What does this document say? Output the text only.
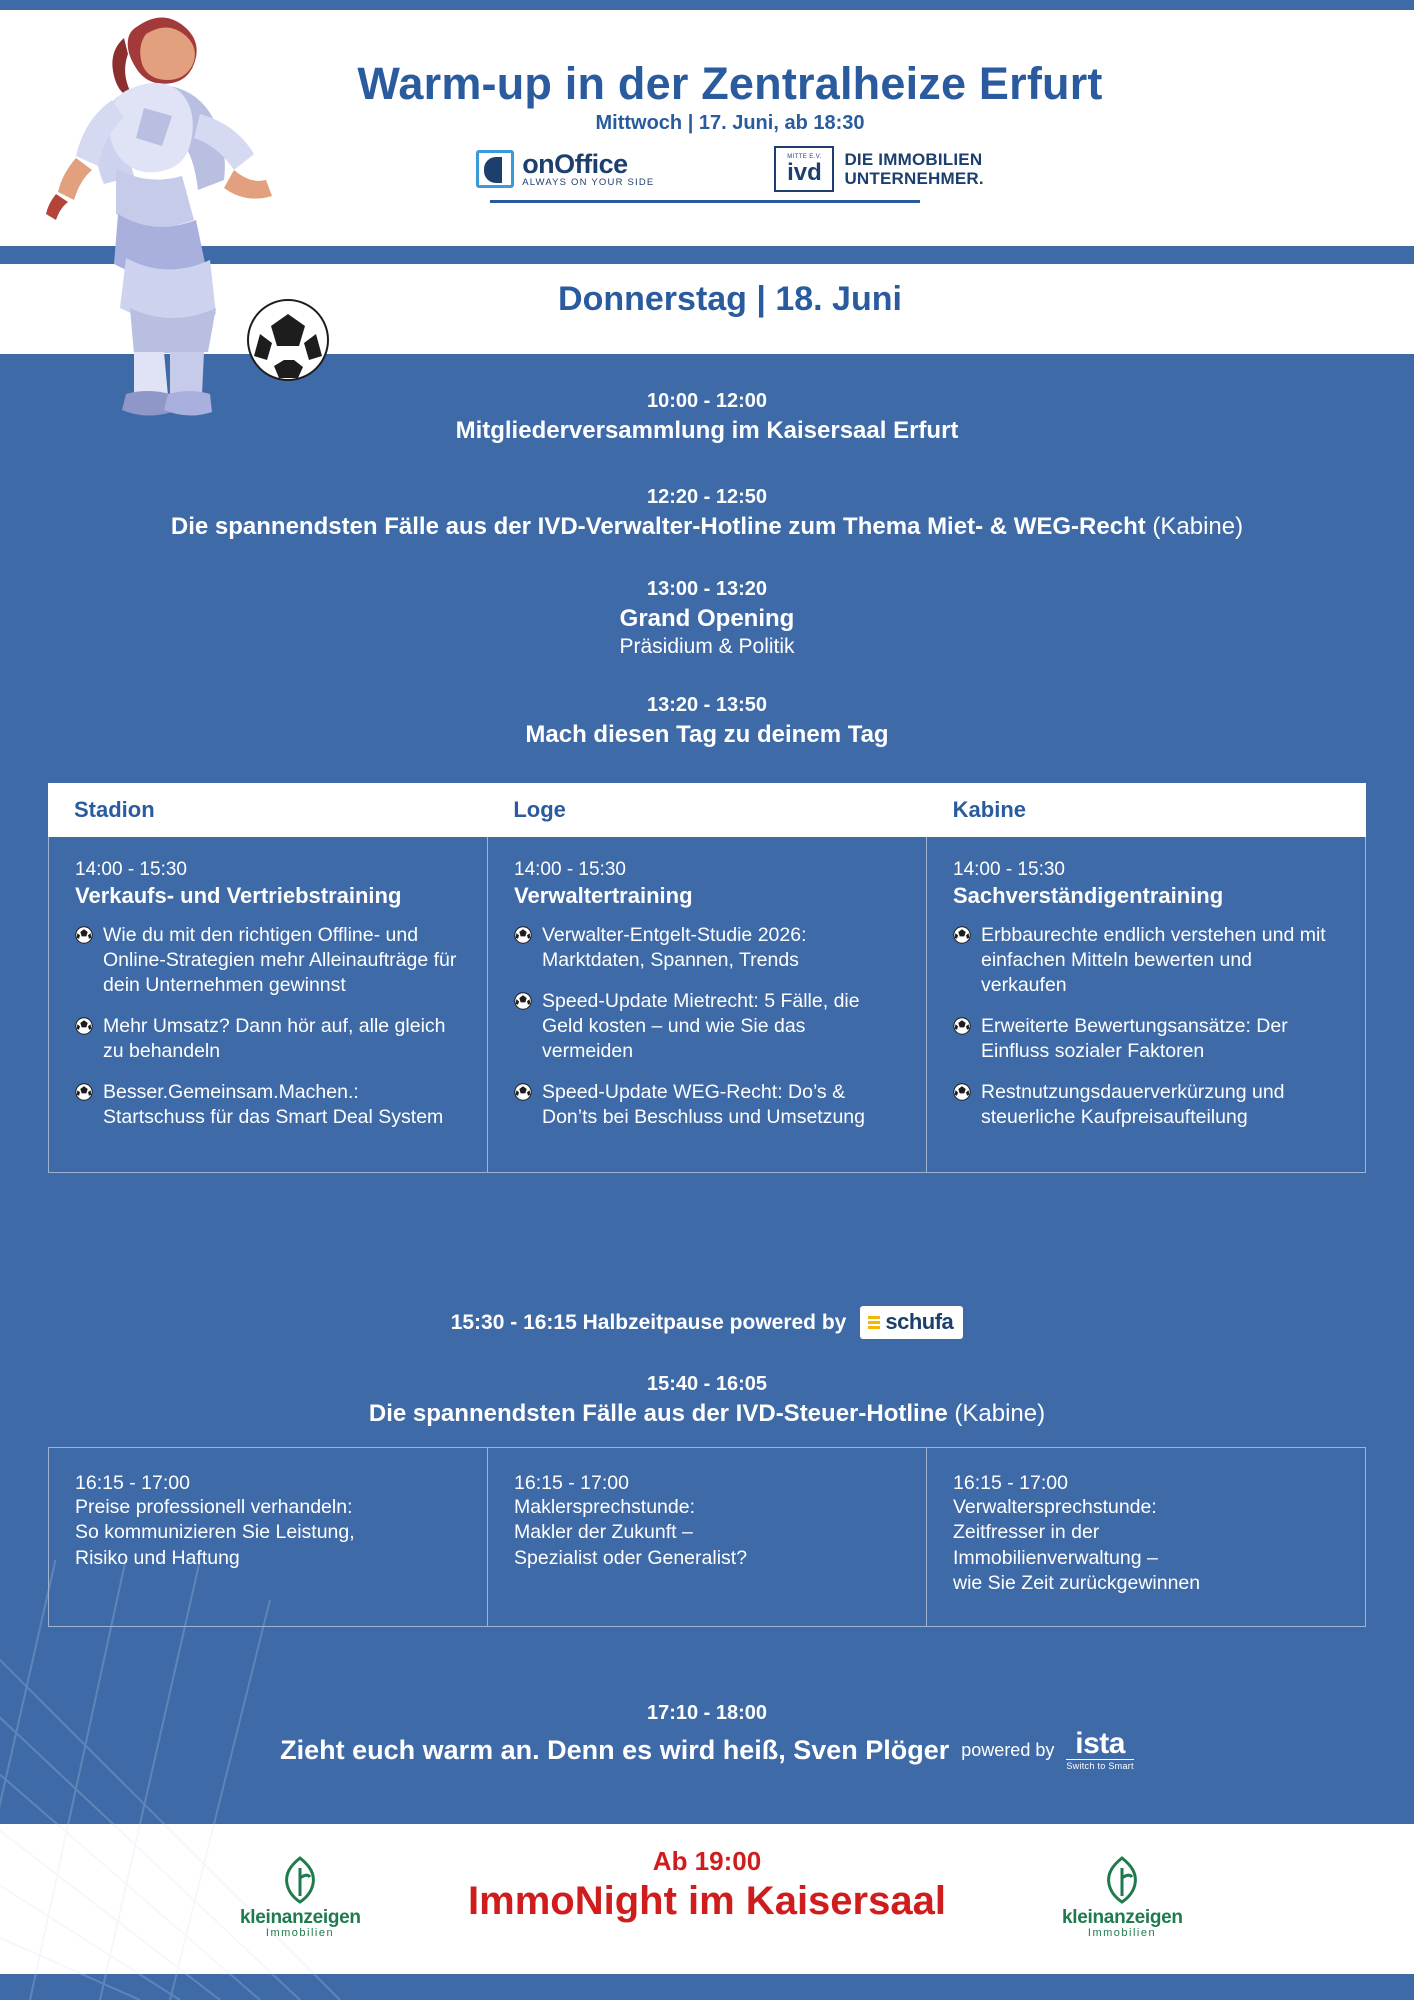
Warm-up in der Zentralheize Erfurt
Mittwoch | 17. Juni, ab 18:30
onOffice
ALWAYS ON YOUR SIDE
MITTE E.V.
ivd DIE IMMOBILIEN
UNTERNEHMER.
Donnerstag | 18. Juni
10:00 - 12:00
Mitgliederversammlung im Kaisersaal Erfurt
12:20 - 12:50
Die spannendsten Fälle aus der IVD-Verwalter-Hotline zum Thema Miet- & WEG-Recht (Kabine)
13:00 - 13:20
Grand Opening
Präsidium & Politik
13:20 - 13:50
Mach diesen Tag zu deinem Tag
Stadion	Loge	Kabine
14:00 - 15:30
Verkaufs- und Vertriebstraining
Wie du mit den richtigen Offline- und Online-Strategien mehr Alleinaufträge für dein Unternehmen gewinnst
Mehr Umsatz? Dann hör auf, alle gleich zu behandeln
Besser.Gemeinsam.Machen.: Startschuss für das Smart Deal System
14:00 - 15:30
Verwaltertraining
Verwalter-Entgelt-Studie 2026: Marktdaten, Spannen, Trends
Speed-Update Mietrecht: 5 Fälle, die Geld kosten – und wie Sie das vermeiden
Speed-Update WEG-Recht: Do’s & Don’ts bei Beschluss und Umsetzung
14:00 - 15:30
Sachverständigentraining
Erbbaurechte endlich verstehen und mit einfachen Mitteln bewerten und verkaufen
Erweiterte Bewertungsansätze: Der Einfluss sozialer Faktoren
Restnutzungsdauerverkürzung und steuerliche Kaufpreisaufteilung
15:30 - 16:15 Halbzeitpause powered by schufa
15:40 - 16:05
Die spannendsten Fälle aus der IVD-Steuer-Hotline (Kabine)
16:15 - 17:00
Preise professionell verhandeln:
So kommunizieren Sie Leistung,
Risiko und Haftung
16:15 - 17:00
Maklersprechstunde:
Makler der Zukunft –
Spezialist oder Generalist?
16:15 - 17:00
Verwaltersprechstunde:
Zeitfresser in der
Immobilienverwaltung –
wie Sie Zeit zurückgewinnen
17:10 - 18:00
Zieht euch warm an. Denn es wird heiß, Sven Plöger powered by ista
Switch to Smart
Ab 19:00
ImmoNight im Kaisersaal
kleinanzeigen
Immobilien
kleinanzeigen
Immobilien
